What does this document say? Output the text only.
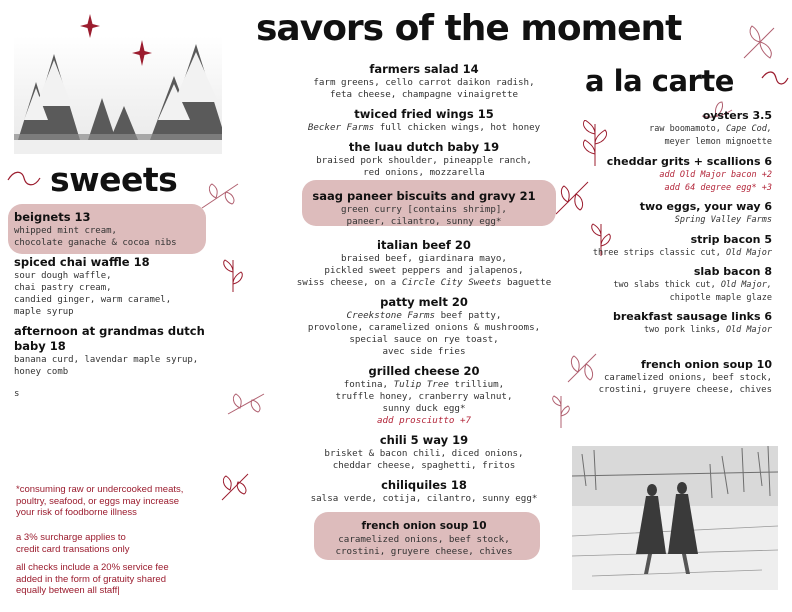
savors of the moment
a la carte
sweets
farmers salad 14
farm greens, cello carrot daikon radish,
feta cheese, champagne vinaigrette
twiced fried wings 15
Becker Farms full chicken wings, hot honey
the luau dutch baby 19
braised pork shoulder, pineapple ranch,
red onions, mozzarella
saag paneer biscuits and gravy 21
green curry [contains shrimp],
paneer, cilantro, sunny egg*
italian beef 20
braised beef, giardinara mayo,
pickled sweet peppers and jalapenos,
swiss cheese, on a Circle City Sweets baguette
patty melt 20
Creekstone Farms beef patty,
provolone, caramelized onions & mushrooms,
special sauce on rye toast,
avec side fries
grilled cheese 20
fontina, Tulip Tree trillium,
truffle honey, cranberry walnut,
sunny duck egg*
add prosciutto +7
chili 5 way 19
brisket & bacon chili, diced onions,
cheddar cheese, spaghetti, fritos
chiliquiles 18
salsa verde, cotija, cilantro, sunny egg*
french onion soup 10
caramelized onions, beef stock,
crostini, gruyere cheese, chives
oysters 3.5
raw boomamoto, Cape Cod,
meyer lemon mignoette
cheddar grits + scallions 6
add Old Major bacon +2
add 64 degree egg* +3
two eggs, your way 6
Spring Valley Farms
strip bacon 5
three strips classic cut, Old Major
slab bacon 8
two slabs thick cut, Old Major,
chipotle maple glaze
breakfast sausage links 6
two pork links, Old Major
french onion soup 10
caramelized onions, beef stock,
crostini, gruyere cheese, chives
beignets 13
whipped mint cream,
chocolate ganache & cocoa nibs
spiced chai waffle 18
sour dough waffle,
chai pastry cream,
candied ginger, warm caramel,
maple syrup
afternoon at grandmas dutch baby 18
banana curd, lavendar maple syrup,
honey comb
s
*consuming raw or undercooked meats,
poultry, seafood, or eggs may increase
your risk of foodborne illness
a 3% surcharge applies to
credit card transations only
all checks include a 20% service fee
added in the form of gratuity shared
equally between all staff|
